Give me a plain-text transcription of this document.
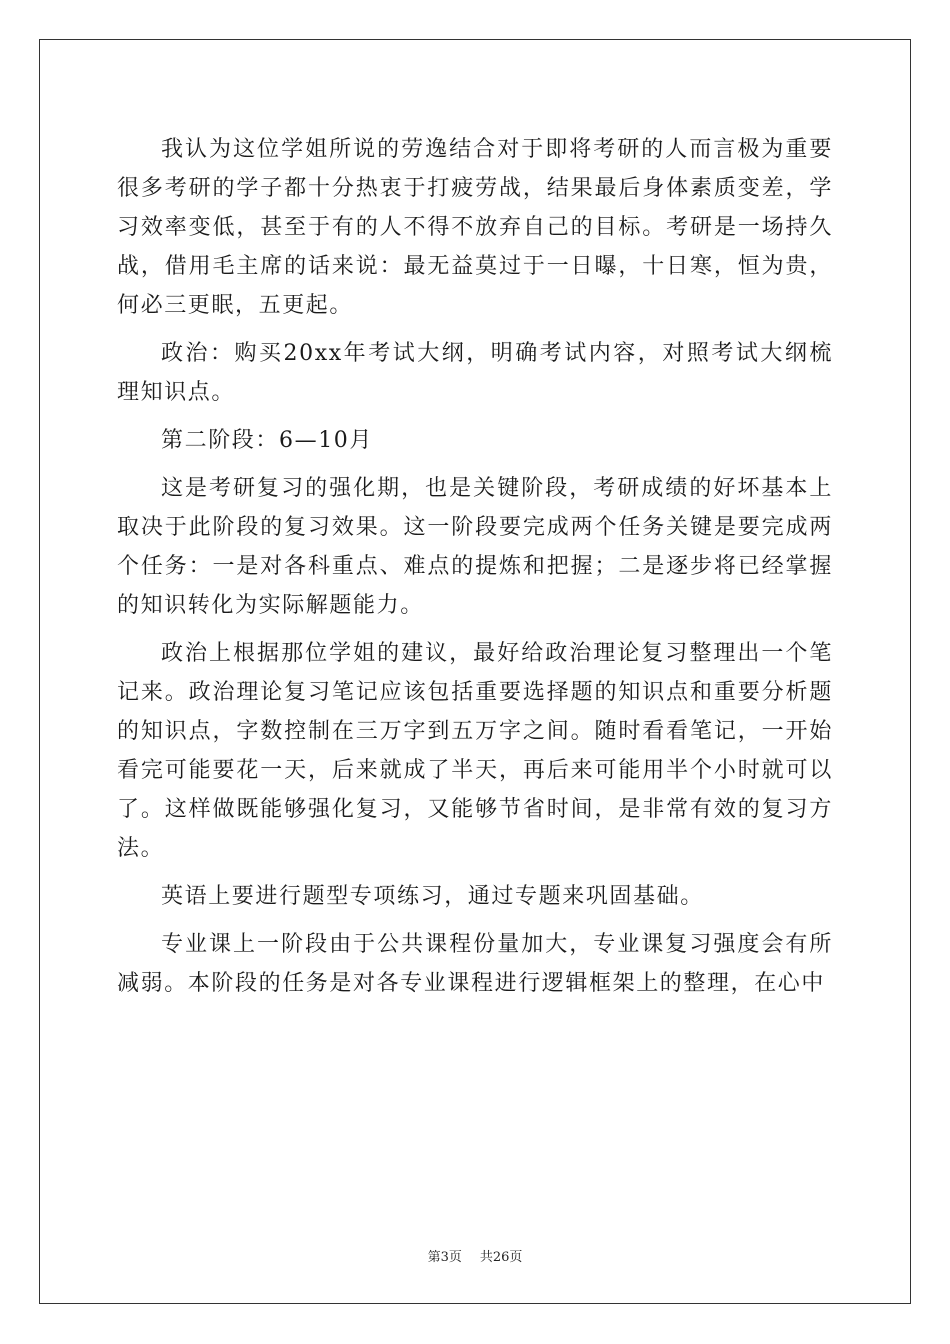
我认为这位学姐所说的劳逸结合对于即将考研的人而言极为重要很多考研的学子都十分热衷于打疲劳战，结果最后身体素质变差，学习效率变低，甚至于有的人不得不放弃自己的目标。考研是一场持久战，借用毛主席的话来说：最无益莫过于一日曝，十日寒，恒为贵，何必三更眠，五更起。

政治：购买20xx年考试大纲，明确考试内容，对照考试大纲梳理知识点。

第二阶段：6—10月

这是考研复习的强化期，也是关键阶段，考研成绩的好坏基本上取决于此阶段的复习效果。这一阶段要完成两个任务关键是要完成两个任务：一是对各科重点、难点的提炼和把握；二是逐步将已经掌握的知识转化为实际解题能力。

政治上根据那位学姐的建议，最好给政治理论复习整理出一个笔记来。政治理论复习笔记应该包括重要选择题的知识点和重要分析题的知识点，字数控制在三万字到五万字之间。随时看看笔记，一开始看完可能要花一天，后来就成了半天，再后来可能用半个小时就可以了。这样做既能够强化复习，又能够节省时间，是非常有效的复习方法。

英语上要进行题型专项练习，通过专题来巩固基础。

专业课上一阶段由于公共课程份量加大，专业课复习强度会有所减弱。本阶段的任务是对各专业课程进行逻辑框架上的整理，在心中

第3页 共26页
